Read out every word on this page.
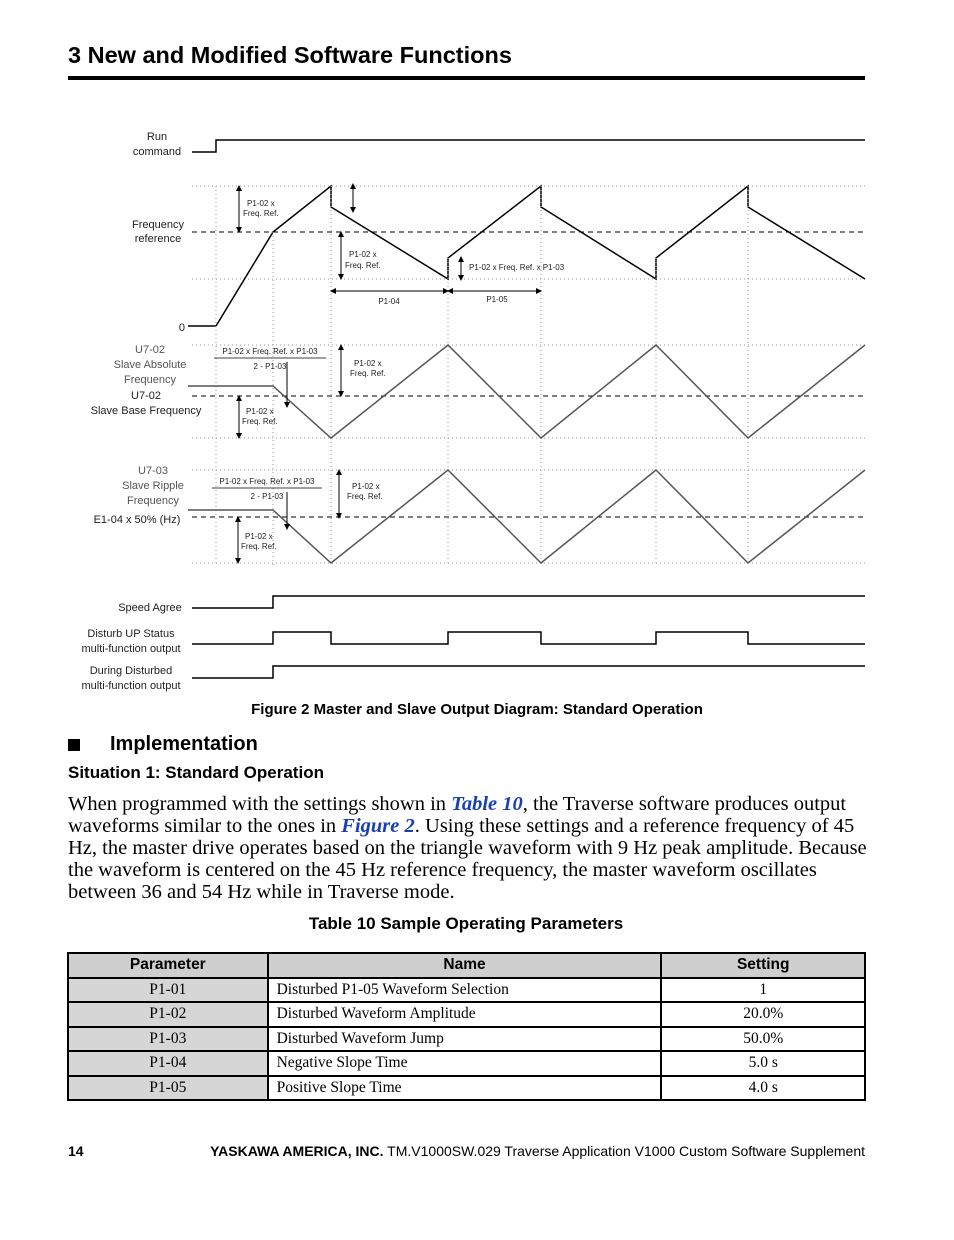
3 New and Modified Software Functions
Run
command
Frequency
reference
0
P1-02 x
Freq. Ref.
P1-02 x
Freq. Ref.	P1-02 x Freq. Ref. x P1-03
P1-04	P1-05
U7-02
Slave Absolute
Frequency
U7-02
Slave Base Frequency
P1-02 x Freq. Ref. x P1-03
2 - P1-03	P1-02 x
Freq. Ref.
P1-02 x
Freq. Ref.
U7-03
Slave Ripple
Frequency
E1-04 x 50% (Hz)
P1-02 x Freq. Ref. x P1-03
2 - P1-03
P1-02 x
Freq. Ref.
P1-02 x
Freq. Ref.
Speed Agree
Disturb UP Status
multi-function output
During Disturbed
multi-function output
Figure 2 Master and Slave Output Diagram: Standard Operation
Implementation
Situation 1: Standard Operation
When programmed with the settings shown in Table 10, the Traverse software produces output waveforms similar to the ones in Figure 2. Using these settings and a reference frequency of 45 Hz, the master drive operates based on the triangle waveform with 9 Hz peak amplitude. Because the waveform is centered on the 45 Hz reference frequency, the master waveform oscillates between 36 and 54 Hz while in Traverse mode.
Table 10 Sample Operating Parameters
Parameter	Name	Setting
P1-01	Disturbed P1-05 Waveform Selection	1
P1-02	Disturbed Waveform Amplitude	20.0%
P1-03	Disturbed Waveform Jump	50.0%
P1-04	Negative Slope Time	5.0 s
P1-05	Positive Slope Time	4.0 s
14	YASKAWA AMERICA, INC. TM.V1000SW.029 Traverse Application V1000 Custom Software Supplement
